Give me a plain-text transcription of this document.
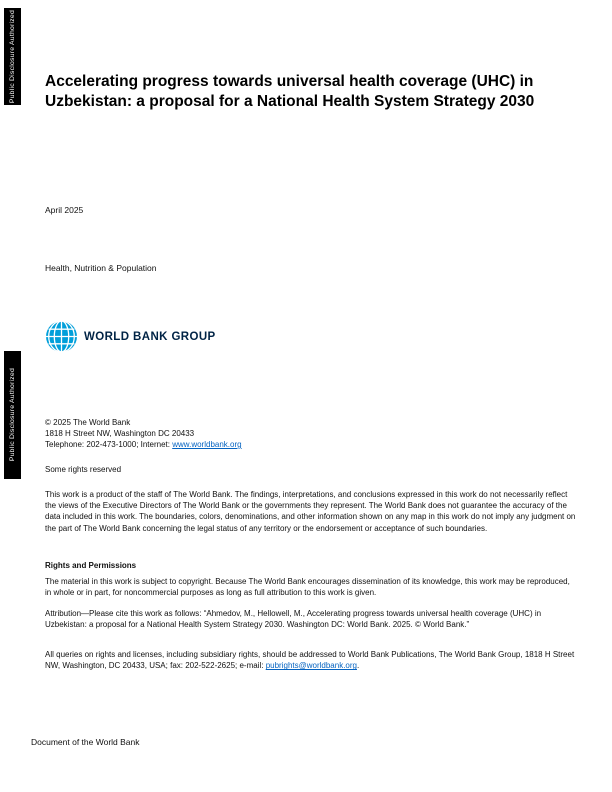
Public Disclosure Authorized
Public Disclosure Authorized
Accelerating progress towards universal health coverage (UHC) in Uzbekistan: a proposal for a National Health System Strategy 2030
April 2025
Health, Nutrition & Population
WORLD BANK GROUP
© 2025 The World Bank
1818 H Street NW, Washington DC 20433
Telephone: 202-473-1000; Internet: www.worldbank.org
Some rights reserved

This work is a product of the staff of The World Bank. The findings, interpretations, and conclusions expressed in this work do not necessarily reflect the views of the Executive Directors of The World Bank or the governments they represent. The World Bank does not guarantee the accuracy of the data included in this work. The boundaries, colors, denominations, and other information shown on any map in this work do not imply any judgment on the part of The World Bank concerning the legal status of any territory or the endorsement or acceptance of such boundaries.

Rights and Permissions

The material in this work is subject to copyright. Because The World Bank encourages dissemination of its knowledge, this work may be reproduced, in whole or in part, for noncommercial purposes as long as full attribution to this work is given.

Attribution—Please cite this work as follows: “Ahmedov, M., Hellowell, M., Accelerating progress towards universal health coverage (UHC) in Uzbekistan: a proposal for a National Health System Strategy 2030. Washington DC: World Bank. 2025. © World Bank.”

All queries on rights and licenses, including subsidiary rights, should be addressed to World Bank Publications, The World Bank Group, 1818 H Street NW, Washington, DC 20433, USA; fax: 202-522-2625; e-mail: pubrights@worldbank.org.

Document of the World Bank
